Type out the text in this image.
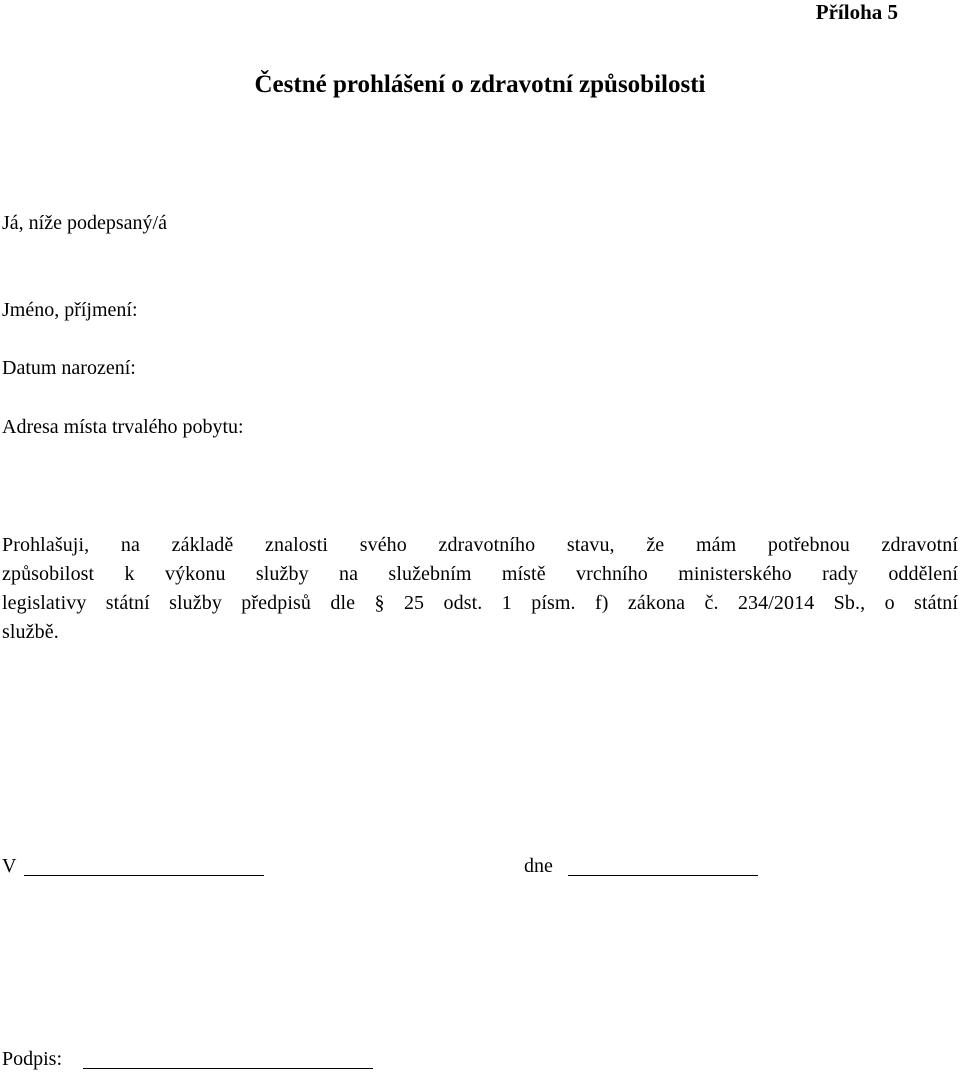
Příloha 5
Čestné prohlášení o zdravotní způsobilosti
Já, níže podepsaný/á
Jméno, příjmení:
Datum narození:
Adresa místa trvalého pobytu:
Prohlašuji, na základě znalosti svého zdravotního stavu, že mám potřebnou zdravotní
způsobilost k výkonu služby na služebním místě vrchního ministerského rady oddělení
legislativy státní služby předpisů dle § 25 odst. 1 písm. f) zákona č. 234/2014 Sb., o státní
službě.
V	dne
Podpis:
